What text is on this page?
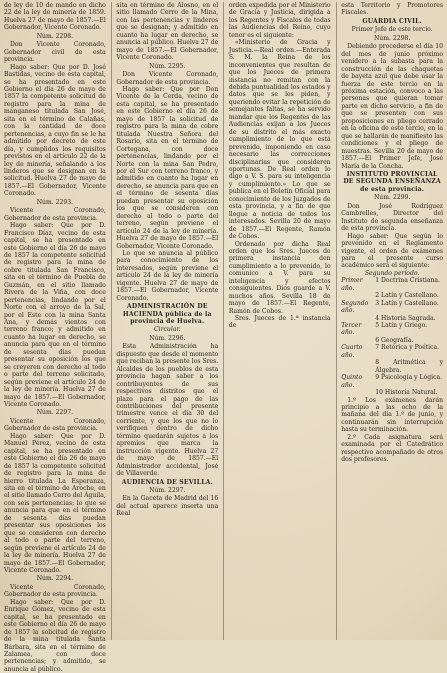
de ley de 10 de mando en dicho 22 de la ley de minería de 1859. Huelva 27 de mayo de 1857.—El Gobernador, Vicente Coronado.

Núm. 2298.

Don Vicente Coronado, Gobernador civil de esta provincia.

Hago saber: Que por D. José Bastidas, vecino de esta capital, se ha presentado en este Gobierno el día 26 de mayo de 1857 la competente solicitud de registro para la mina de manganeso titulada San José, sita en el término de Calañas, con la cantidad de doce pertenencias, a cuyo fin se le ha admitido por decreto de este día, y cumplidos los requisitos previstos en el artículo 22 de la ley de minería, señalando a los linderos que se designan en la solicitud. Huelva 27 de mayo de 1857.—El Gobernador, Vicente Coronado.

Núm. 2293.

Vicente Coronado, Gobernador de esta provincia.

Hago saber: Que por D. Francisco Díaz, vecino de esta capital, se ha presentado en este Gobierno el día 26 de mayo de 1857 la competente solicitud de registro para la mina de cobre titulada San Francisco, sita en el término de Puebla de Guzmán, en el sitio llamado Rivera de la Viña, con doce pertenencias, lindando por el Norte con el arroyo de la Sal, por el Este con la mina Santa Ana, y demás vientos con terreno franco; y admitido en cuanto ha lugar en derecho, se anuncia para que en el término de sesenta días puedan presentar su oposición los que se creyeren con derecho al todo o parte del terreno solicitado, según previene el artículo 24 de la ley de minería. Huelva 27 de mayo de 1857.—El Gobernador, Vicente Coronado.

Núm. 2297.

Vicente Coronado, Gobernador de esta provincia.

Hago saber: Que por D. Manuel Pérez, vecino de esta capital, se ha presentado en este Gobierno el día 26 de mayo de 1857 la competente solicitud de registro para la mina de hierro titulada La Esperanza, sita en el término de Aroche, en el sitio llamado Cerro del Águila, con seis pertenencias; lo que se anuncia para que en el término de sesenta días puedan presentar sus oposiciones los que se consideren con derecho al todo o parte del terreno, según previene el artículo 24 de la ley de minería. Huelva 27 de mayo de 1857.—El Gobernador, Vicente Coronado.

Núm. 2294.

Vicente Coronado, Gobernador de esta provincia.

Hago saber: Que por D. Enrique Gómez, vecino de esta capital, se ha presentado en este Gobierno el día 26 de mayo de 1857 la solicitud de registro de la mina titulada Santa Bárbara, sita en el término de Zalamea, con doce pertenencias; y admitido, se anuncia al público.

sita en término de Alosno, en el sitio llamado Cerro de la Mina, con las pertenencias y linderos que se designan; y admitido en cuanto ha lugar en derecho, se anuncia al público. Huelva 27 de mayo de 1857.—El Gobernador, Vicente Coronado.

Núm. 2295.

Don Vicente Coronado, Gobernador de esta provincia.

Hago saber: Que por Don Vicente de la Cerda, vecino de esta capital, se ha presentado en este Gobierno el día 26 de mayo de 1857 la solicitud de registro para la mina de cobre titulada Nuestra Señora del Rosario, sita en el término de Cortegana, con doce pertenencias, lindando por el Norte con la mina San Pedro, por el Sur con terreno franco, y admitido en cuanto ha lugar en derecho, se anuncia para que en el término de sesenta días puedan presentar su oposición los que se consideren con derecho al todo o parte del terreno, según previene el artículo 24 de la ley de minería. Huelva 27 de mayo de 1857.—El Gobernador, Vicente Coronado.

Lo que se anuncia al público para conocimiento de los interesados, según previene el artículo 24 de la ley de minería vigente. Huelva 27 de mayo de 1857.—El Gobernador, Vicente Coronado.

ADMINISTRACIÓN DE HACIENDA pública de la provincia de Huelva.

Circular.

Núm. 2296.

Esta Administración ha dispuesto que desde el momento que reciban la presente los Sres. Alcaldes de los pueblos de esta provincia hagan saber a los contribuyentes de sus respectivos distritos que el plazo para el pago de las contribuciones del presente trimestre vence el día 30 del corriente, y que los que no lo verifiquen dentro de dicho término quedarán sujetos a los apremios que marca la instrucción vigente. Huelva 27 de mayo de 1857.—El Administrador accidental, José de Villaverde.

AUDIENCIA DE SEVILLA.

Núm. 2297.

En la Gaceta de Madrid del 16 del actual aparece inserta una Real

orden expedida por el Ministerio de Gracia y Justicia, dirigida a los Regentes y Fiscales de todas las Audiencias del Reino, cuyo tenor es el siguiente:

«Ministerio de Gracia y Justicia.—Real orden.—Enterada S. M. la Reina de los inconvenientes que resultan de que los Jueces de primera instancia no remitan con la debida puntualidad los estados y datos que se les piden, y queriendo evitar la repetición de semejantes faltas, se ha servido mandar que los Regentes de las Audiencias exijan a los Jueces de su distrito el más exacto cumplimiento de lo que está prevenido, imponiendo en caso necesario las correcciones disciplinarias que consideren oportunas. De Real orden lo digo a V. S. para su inteligencia y cumplimiento.» Lo que se publica en el Boletín Oficial para conocimiento de los Juzgados de esta provincia, y a fin de que llegue a noticia de todos los interesados. Sevilla 20 de mayo de 1857.—El Regente, Ramón de Cobos.

Ordenado por dicha Real orden que los Sres. Jueces de primera instancia den cumplimiento a lo prevenido, lo comunico a V. para su inteligencia y efectos consiguientes. Dios guarde a V. muchos años. Sevilla 18 de mayo de 1857.—El Regente, Ramón de Cobos.

Sres. Jueces de 1.ª instancia de

esta Territorio y Promotores Fiscales.

GUARDIA CIVIL.

Primer Jefe de este tercio.

Núm. 2298.

Debiendo procederse el día 10 del mes de junio próximo venidero a la subasta para la construcción de las chaquetas de bayeta azul que debe usar la fuerza de este tercio en la próxima estación, convoco a las personas que quieran tomar parte en dicho servicio, a fin de que se presenten con sus proposiciones en pliego cerrado en la oficina de este tercio, en la que se hallarán de manifiesto las condiciones y el pliego de muestras. Sevilla 20 de mayo de 1857.—El Primer Jefe, José María de la Concha.

INSTITUTO PROVINCIAL DE SEGUNDA ENSEÑANZA de esta provincia.

Núm. 2299.

Don José Rodríguez Cambrelles, Director del Instituto de segunda enseñanza de esta provincia.

Hago saber: Que según lo prevenido en el Reglamento vigente, el orden de exámenes para el presente curso académico será el siguiente:

Segundo período.

Primer año.
1 Doctrina Cristiana.
2 Latín y Castellano.
Segundo año.
3 Latín y Castellano.
4 Historia Sagrada.
Tercer año.
5 Latín y Griego.
6 Geografía.
Cuarto año.
7 Retórica y Poética.
8 Aritmética y Álgebra.
Quinto año.
9 Psicología y Lógica.
10 Historia Natural.

1.º Los exámenes darán principio a las ocho de la mañana del día 1.º de junio, y continuarán sin interrupción hasta su terminación.

2.º Cada asignatura será examinada por el Catedrático respectivo acompañado de otros dos profesores.
